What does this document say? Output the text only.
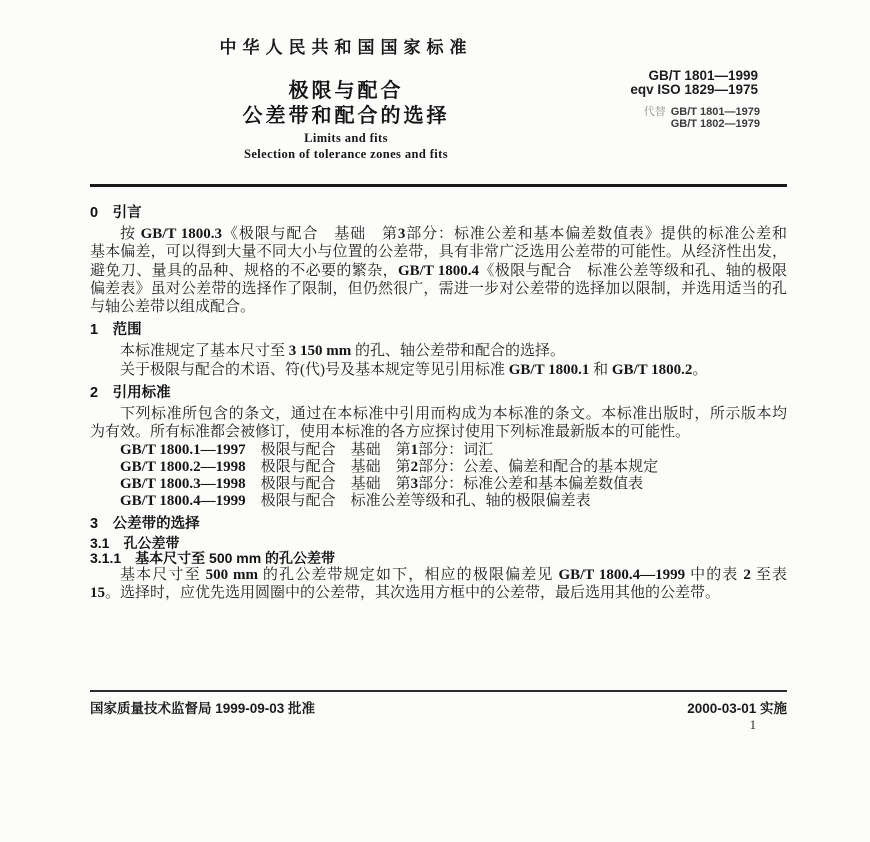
中华人民共和国国家标准
GB/T 1801—1999
eqv ISO 1829—1975
代替 GB/T 1801—1979
GB/T 1802—1979
极限与配合
公差带和配合的选择
Limits and fits
Selection of tolerance zones and fits
0　引言
按 GB/T 1800.3《极限与配合　基础　第3部分：标准公差和基本偏差数值表》提供的标准公差和
基本偏差，可以得到大量不同大小与位置的公差带，具有非常广泛选用公差带的可能性。从经济性出发，
避免刀、量具的品种、规格的不必要的繁杂，GB/T 1800.4《极限与配合　标准公差等级和孔、轴的极限
偏差表》虽对公差带的选择作了限制，但仍然很广，需进一步对公差带的选择加以限制，并选用适当的孔
与轴公差带以组成配合。
1　范围
本标准规定了基本尺寸至 3 150 mm 的孔、轴公差带和配合的选择。
关于极限与配合的术语、符(代)号及基本规定等见引用标准 GB/T 1800.1 和 GB/T 1800.2。
2　引用标准
下列标准所包含的条文，通过在本标准中引用而构成为本标准的条文。本标准出版时，所示版本均
为有效。所有标准都会被修订，使用本标准的各方应探讨使用下列标准最新版本的可能性。
GB/T 1800.1—1997　极限与配合　基础　第1部分：词汇
GB/T 1800.2—1998　极限与配合　基础　第2部分：公差、偏差和配合的基本规定
GB/T 1800.3—1998　极限与配合　基础　第3部分：标准公差和基本偏差数值表
GB/T 1800.4—1999　极限与配合　标准公差等级和孔、轴的极限偏差表
3　公差带的选择
3.1　孔公差带
3.1.1　基本尺寸至 500 mm 的孔公差带
基本尺寸至 500 mm 的孔公差带规定如下，相应的极限偏差见 GB/T 1800.4—1999 中的表 2 至表
15。选择时，应优先选用圆圈中的公差带，其次选用方框中的公差带，最后选用其他的公差带。
国家质量技术监督局 1999-09-03 批准	2000-03-01 实施
1
